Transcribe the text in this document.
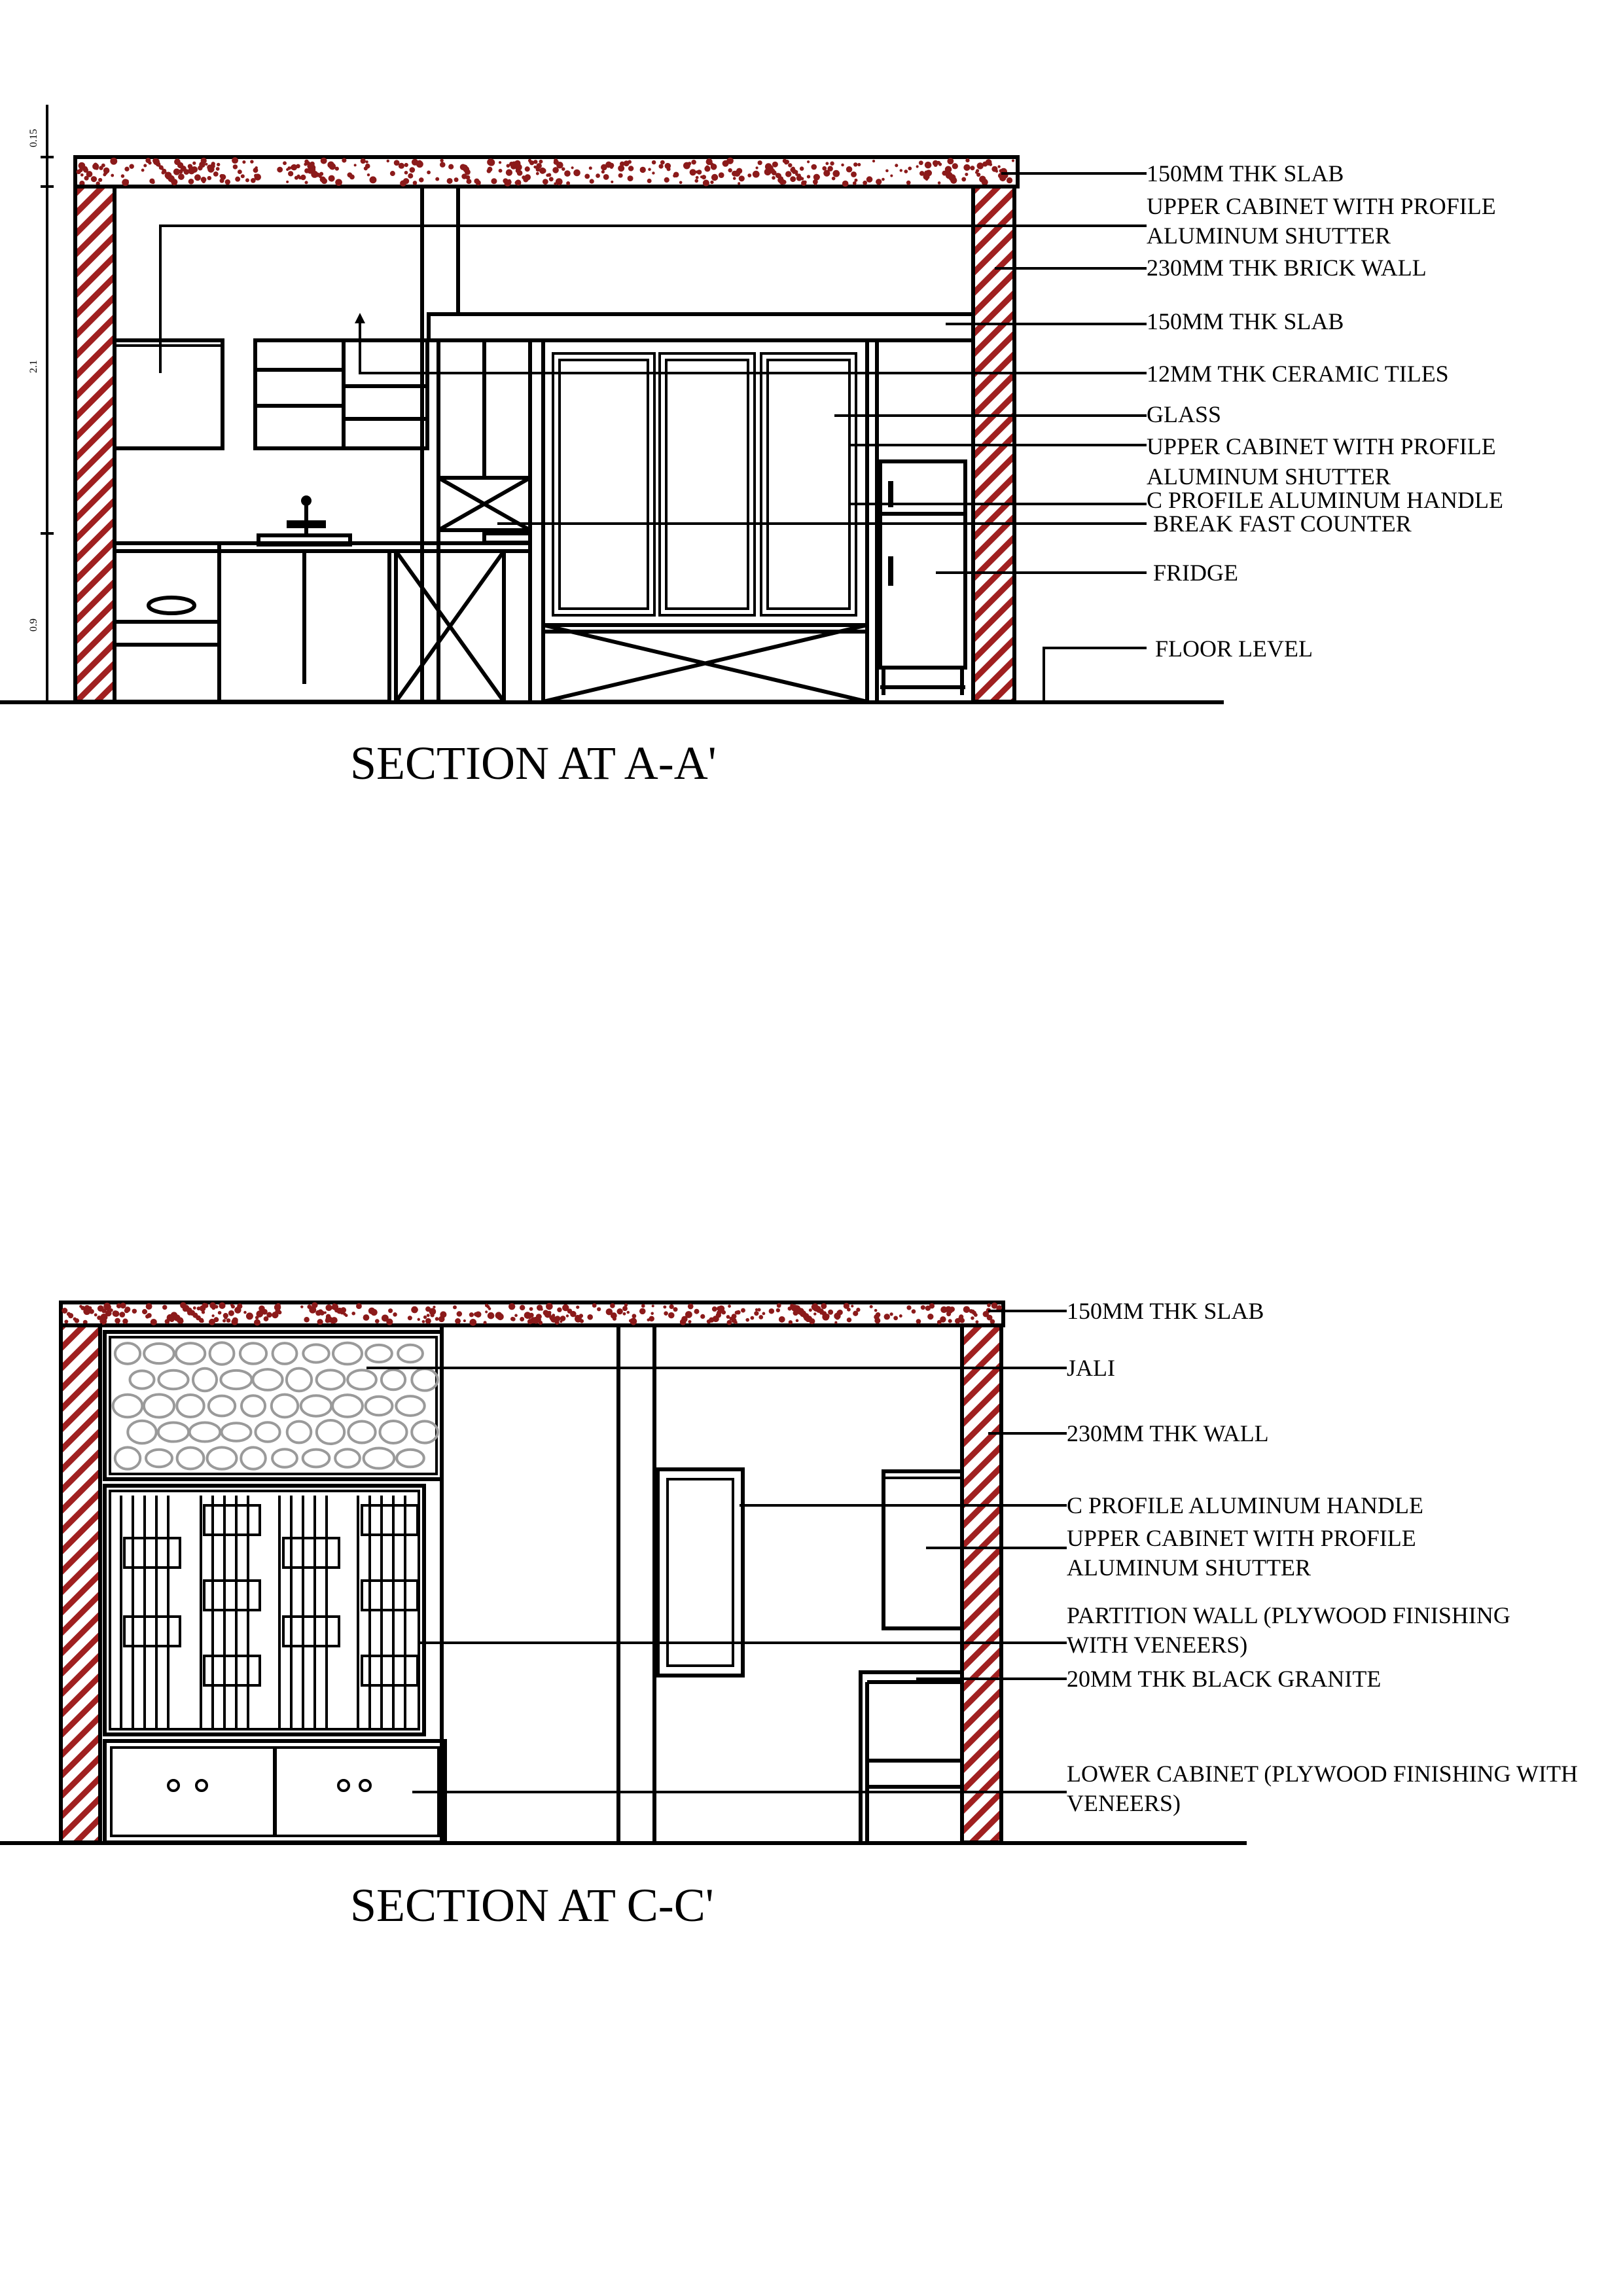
0.15
2.1
0.9
150MM THK SLAB
UPPER CABINET WITH PROFILE
ALUMINUM SHUTTER
230MM THK BRICK WALL
150MM THK SLAB
12MM THK CERAMIC TILES
GLASS
UPPER CABINET WITH PROFILE
ALUMINUM SHUTTER
C PROFILE ALUMINUM HANDLE
BREAK FAST COUNTER
FRIDGE
FLOOR LEVEL
SECTION AT A-A'
150MM THK SLAB
JALI
230MM THK WALL
C PROFILE ALUMINUM HANDLE
UPPER CABINET WITH PROFILE
ALUMINUM SHUTTER
PARTITION WALL (PLYWOOD FINISHING
WITH VENEERS)
20MM THK BLACK GRANITE
LOWER CABINET (PLYWOOD FINISHING WITH
VENEERS)
SECTION AT C-C'
